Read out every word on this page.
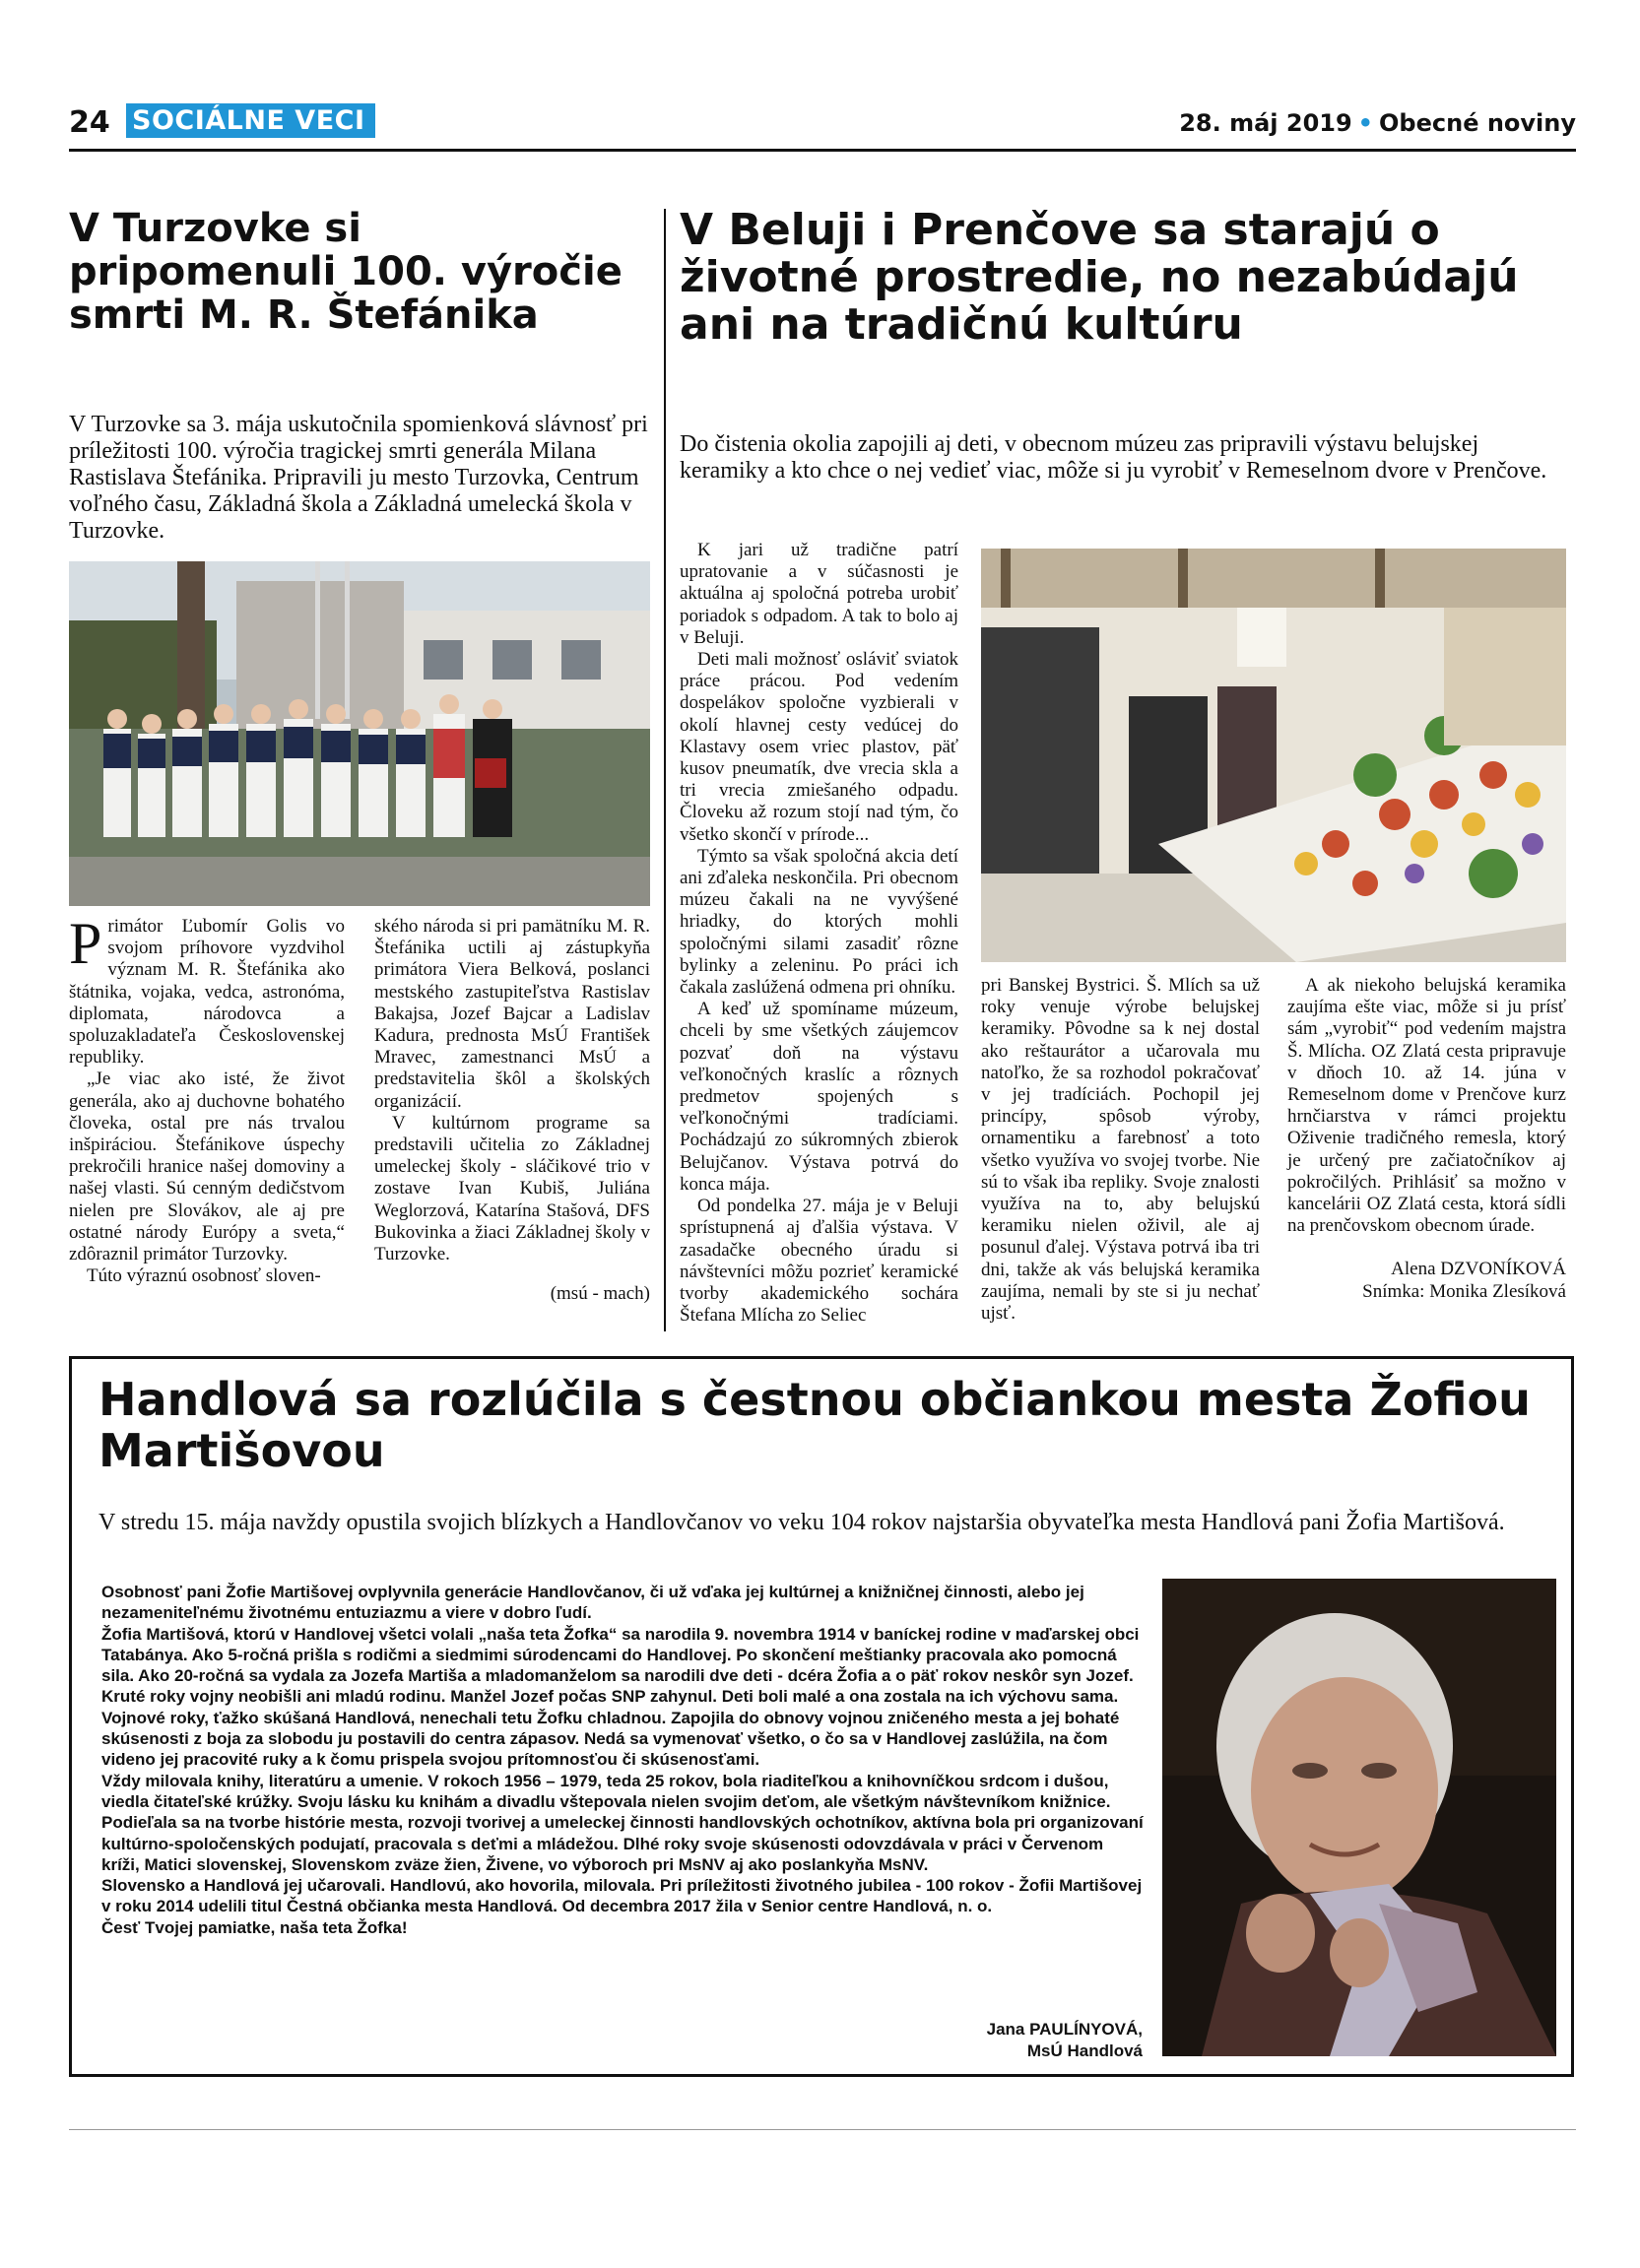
24 SOCIÁLNE VECI	28. máj 2019 • Obecné noviny
V Turzovke si pripomenuli 100. výročie smrti M. R. Štefánika
V Turzovke sa 3. mája uskutočnila spomienková slávnosť pri príležitosti 100. výročia tragickej smrti generála Milana Rastislava Štefánika. Pripravili ju mesto Turzovka, Centrum voľného času, Základná škola a Základná umelecká škola v Turzovke.

Primátor Ľubomír Golis vo svojom príhovore vyzdvihol význam M. R. Štefánika ako štátnika, vojaka, vedca, astronóma, diplomata, národovca a spoluzakladateľa Československej republiky.

„Je viac ako isté, že život generála, ako aj duchovne bohatého človeka, ostal pre nás trvalou inšpiráciou. Štefánikove úspechy prekročili hranice našej domoviny a našej vlasti. Sú cenným dedičstvom nielen pre Slovákov, ale aj pre ostatné národy Európy a sveta,“ zdôraznil primátor Turzovky.

Túto výraznú osobnosť sloven-

ského národa si pri pamätníku M. R. Štefánika uctili aj zástupkyňa primátora Viera Belková, poslanci mestského zastupiteľstva Rastislav Bakajsa, Jozef Bajcar a Ladislav Kadura, prednosta MsÚ František Mravec, zamestnanci MsÚ a predstavitelia škôl a školských organizácií.

V kultúrnom programe sa predstavili učitelia zo Základnej umeleckej školy - sláčikové trio v zostave Ivan Kubiš, Juliána Weglorzová, Katarína Stašová, DFS Bukovinka a žiaci Základnej školy v Turzovke.

(msú - mach)

V Beluji i Prenčove sa starajú o životné prostredie, no nezabúdajú ani na tradičnú kultúru
Do čistenia okolia zapojili aj deti, v obecnom múzeu zas pripravili výstavu belujskej keramiky a kto chce o nej vedieť viac, môže si ju vyrobiť v Remeselnom dvore v Prenčove.

K jari už tradične patrí upratovanie a v súčasnosti je aktuálna aj spoločná potreba urobiť poriadok s odpadom. A tak to bolo aj v Beluji.

Deti mali možnosť osláviť sviatok práce prácou. Pod vedením dospelákov spoločne vyzbierali v okolí hlavnej cesty vedúcej do Klastavy osem vriec plastov, päť kusov pneumatík, dve vrecia skla a tri vrecia zmiešaného odpadu. Človeku až rozum stojí nad tým, čo všetko skončí v prírode...

Týmto sa však spoločná akcia detí ani zďaleka neskončila. Pri obecnom múzeu čakali na ne vyvýšené hriadky, do ktorých mohli spoločnými silami zasadiť rôzne bylinky a zeleninu. Po práci ich čakala zaslúžená odmena pri ohníku.

A keď už spomíname múzeum, chceli by sme všetkých záujemcov pozvať doň na výstavu veľkonočných kraslíc a rôznych predmetov spojených s veľkonočnými tradíciami. Pochádzajú zo súkromných zbierok Belujčanov. Výstava potrvá do konca mája.

Od pondelka 27. mája je v Beluji sprístupnená aj ďalšia výstava. V zasadačke obecného úradu si návštevníci môžu pozrieť keramické tvorby akademického sochára Štefana Mlícha zo Seliec

pri Banskej Bystrici. Š. Mlích sa už roky venuje výrobe belujskej keramiky. Pôvodne sa k nej dostal ako reštaurátor a učarovala mu natoľko, že sa rozhodol pokračovať v jej tradíciách. Pochopil jej princípy, spôsob výroby, ornamentiku a farebnosť a toto všetko využíva vo svojej tvorbe. Nie sú to však iba repliky. Svoje znalosti využíva na to, aby belujskú keramiku nielen oživil, ale aj posunul ďalej. Výstava potrvá iba tri dni, takže ak vás belujská keramika zaujíma, nemali by ste si ju nechať ujsť.

A ak niekoho belujská keramika zaujíma ešte viac, môže si ju prísť sám „vyrobiť“ pod vedením majstra Š. Mlícha. OZ Zlatá cesta pripravuje v dňoch 10. až 14. júna v Remeselnom dome v Prenčove kurz hrnčiarstva v rámci projektu Oživenie tradičného remesla, ktorý je určený pre začiatočníkov aj pokročilých. Prihlásiť sa možno v kancelárii OZ Zlatá cesta, ktorá sídli na prenčovskom obecnom úrade.

Alena DZVONÍKOVÁ

Snímka: Monika Zlesíková

Handlová sa rozlúčila s čestnou občiankou mesta Žofiou Martišovou
V stredu 15. mája navždy opustila svojich blízkych a Handlovčanov vo veku 104 rokov najstaršia obyvateľka mesta Handlová pani Žofia Martišová.

Osobnosť pani Žofie Martišovej ovplyvnila generácie Handlovčanov, či už vďaka jej kultúrnej a knižničnej činnosti, alebo jej nezameniteľnému životnému entuziazmu a viere v dobro ľudí.

Žofia Martišová, ktorú v Handlovej všetci volali „naša teta Žofka“ sa narodila 9. novembra 1914 v baníckej rodine v maďarskej obci Tatabánya. Ako 5-ročná prišla s rodičmi a siedmimi súrodencami do Handlovej. Po skončení meštianky pracovala ako pomocná sila. Ako 20-ročná sa vydala za Jozefa Martiša a mladomanželom sa narodili dve deti - dcéra Žofia a o päť rokov neskôr syn Jozef.

Kruté roky vojny neobišli ani mladú rodinu. Manžel Jozef počas SNP zahynul. Deti boli malé a ona zostala na ich výchovu sama. Vojnové roky, ťažko skúšaná Handlová, nenechali tetu Žofku chladnou. Zapojila do obnovy vojnou zničeného mesta a jej bohaté skúsenosti z boja za slobodu ju postavili do centra zápasov. Nedá sa vymenovať všetko, o čo sa v Handlovej zaslúžila, na čom videno jej pracovité ruky a k čomu prispela svojou prítomnosťou či skúsenosťami.

Vždy milovala knihy, literatúru a umenie. V rokoch 1956 – 1979, teda 25 rokov, bola riaditeľkou a knihovníčkou srdcom i dušou, viedla čitateľské krúžky. Svoju lásku ku knihám a divadlu vštepovala nielen svojim deťom, ale všetkým návštevníkom knižnice. Podieľala sa na tvorbe histórie mesta, rozvoji tvorivej a umeleckej činnosti handlovských ochotníkov, aktívna bola pri organizovaní kultúrno-spoločenských podujatí, pracovala s deťmi a mládežou. Dlhé roky svoje skúsenosti odovzdávala v práci v Červenom kríži, Matici slovenskej, Slovenskom zväze žien, Živene, vo výboroch pri MsNV aj ako poslankyňa MsNV.

Slovensko a Handlová jej učarovali. Handlovú, ako hovorila, milovala. Pri príležitosti životného jubilea - 100 rokov - Žofii Martišovej v roku 2014 udelili titul Čestná občianka mesta Handlová. Od decembra 2017 žila v Senior centre Handlová, n. o.

Česť Tvojej pamiatke, naša teta Žofka!

Jana PAULÍNYOVÁ,
MsÚ Handlová
